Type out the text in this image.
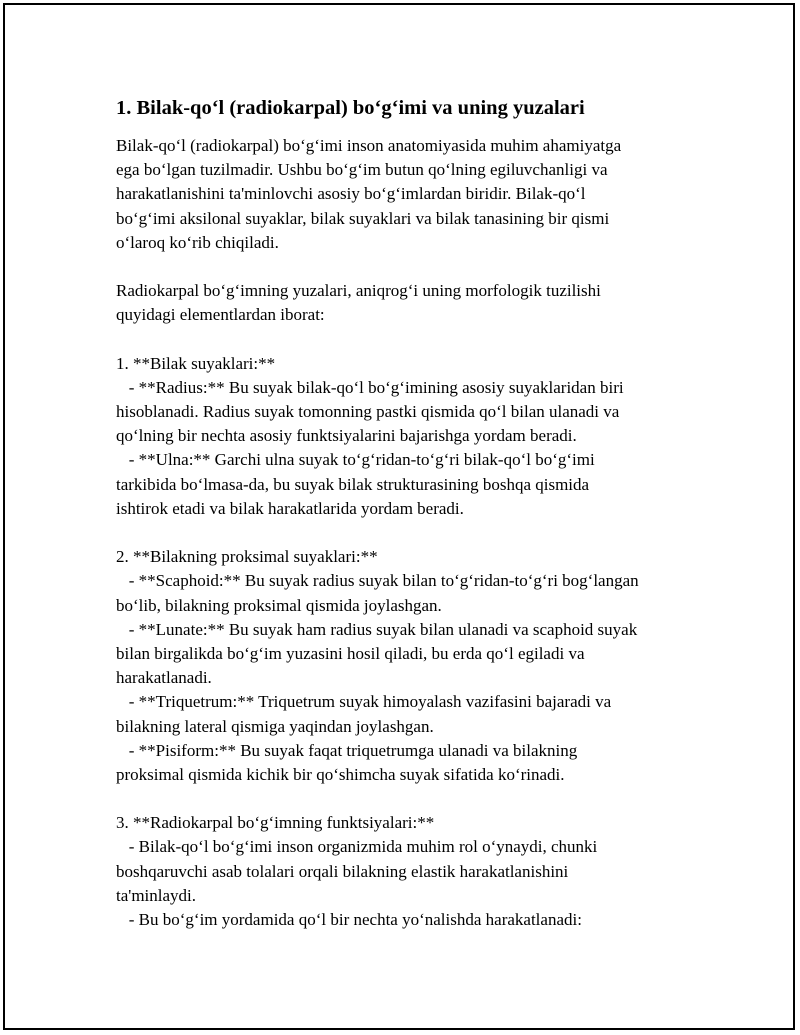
1. Bilak-qo‘l (radiokarpal) bo‘g‘imi va uning yuzalari
Bilak-qo‘l (radiokarpal) bo‘g‘imi inson anatomiyasida muhim ahamiyatga
ega bo‘lgan tuzilmadir. Ushbu bo‘g‘im butun qo‘lning egiluvchanligi va
harakatlanishini ta'minlovchi asosiy bo‘g‘imlardan biridir. Bilak-qo‘l
bo‘g‘imi aksilonal suyaklar, bilak suyaklari va bilak tanasining bir qismi
o‘laroq ko‘rib chiqiladi.
Radiokarpal bo‘g‘imning yuzalari, aniqrog‘i uning morfologik tuzilishi
quyidagi elementlardan iborat:
1. **Bilak suyaklari:**
- **Radius:** Bu suyak bilak-qo‘l bo‘g‘imining asosiy suyaklaridan biri
hisoblanadi. Radius suyak tomonning pastki qismida qo‘l bilan ulanadi va
qo‘lning bir nechta asosiy funktsiyalarini bajarishga yordam beradi.
- **Ulna:** Garchi ulna suyak to‘g‘ridan-to‘g‘ri bilak-qo‘l bo‘g‘imi
tarkibida bo‘lmasa-da, bu suyak bilak strukturasining boshqa qismida
ishtirok etadi va bilak harakatlarida yordam beradi.
2. **Bilakning proksimal suyaklari:**
- **Scaphoid:** Bu suyak radius suyak bilan to‘g‘ridan-to‘g‘ri bog‘langan
bo‘lib, bilakning proksimal qismida joylashgan.
- **Lunate:** Bu suyak ham radius suyak bilan ulanadi va scaphoid suyak
bilan birgalikda bo‘g‘im yuzasini hosil qiladi, bu erda qo‘l egiladi va
harakatlanadi.
- **Triquetrum:** Triquetrum suyak himoyalash vazifasini bajaradi va
bilakning lateral qismiga yaqindan joylashgan.
- **Pisiform:** Bu suyak faqat triquetrumga ulanadi va bilakning
proksimal qismida kichik bir qo‘shimcha suyak sifatida ko‘rinadi.
3. **Radiokarpal bo‘g‘imning funktsiyalari:**
- Bilak-qo‘l bo‘g‘imi inson organizmida muhim rol o‘ynaydi, chunki
boshqaruvchi asab tolalari orqali bilakning elastik harakatlanishini
ta'minlaydi.
- Bu bo‘g‘im yordamida qo‘l bir nechta yo‘nalishda harakatlanadi:
